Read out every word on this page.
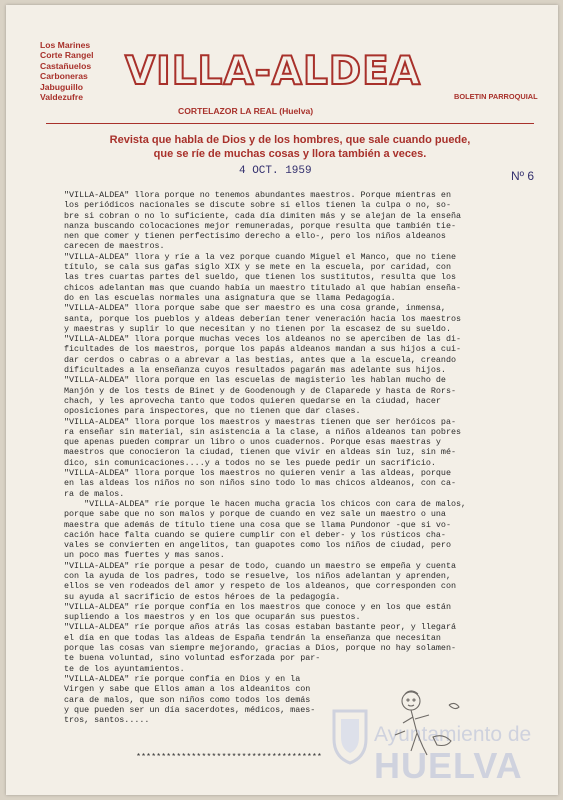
Los Marines
Corte Rangel
Castañuelos
Carboneras
Jabuguillo
Valdezufre
VILLA-ALDEA
BOLETIN PARROQUIAL
CORTELAZOR LA REAL (Huelva)
Revista que habla de Dios y de los hombres, que sale cuando puede,
que se ríe de muchas cosas y llora también a veces.
4 OCT. 1959	Nº 6
"VILLA-ALDEA" llora porque no tenemos abundantes maestros. Porque mientras en
los periódicos nacionales se discute sobre si ellos tienen la culpa o no, so-
bre si cobran o no lo suficiente, cada día dimiten más y se alejan de la enseña
nanza buscando colocaciones mejor remuneradas, porque resulta que también tie-
nen que comer y tienen perfectísimo derecho a ello-, pero los niños aldeanos
carecen de maestros.
"VILLA-ALDEA" llora y ríe a la vez porque cuando Miguel el Manco, que no tiene
título, se cala sus gafas siglo XIX y se mete en la escuela, por caridad, con
las tres cuartas partes del sueldo, que tienen los sustitutos, resulta que los
chicos adelantan mas que cuando había un maestro titulado al que habían enseña-
do en las escuelas normales una asignatura que se llama Pedagogía.
"VILLA-ALDEA" llora porque sabe que ser maestro es una cosa grande, inmensa,
santa, porque los pueblos y aldeas deberían tener veneración hacia los maestros
y maestras y suplir lo que necesitan y no tienen por la escasez de su sueldo.
"VILLA-ALDEA" llora porque muchas veces los aldeanos no se aperciben de las di-
ficultades de los maestros, porque los papás aldeanos mandan a sus hijos a cui-
dar cerdos o cabras o a abrevar a las bestias, antes que a la escuela, creando
dificultades a la enseñanza cuyos resultados pagarán mas adelante sus hijos.
"VILLA-ALDEA" llora porque en las escuelas de magisterio les hablan mucho de
Manjón y de los tests de Binet y de Goodenough y de Claparede y hasta de Rors-
chach, y les aprovecha tanto que todos quieren quedarse en la ciudad, hacer
oposiciones para inspectores, que no tienen que dar clases.
"VILLA-ALDEA" llora porque los maestros y maestras tienen que ser heróicos pa-
ra enseñar sin material, sin asistencia a la clase, a niños aldeanos tan pobres
que apenas pueden comprar un libro o unos cuadernos. Porque esas maestras y
maestros que conocieron la ciudad, tienen que vivir en aldeas sin luz, sin mé-
dico, sin comunicaciones....y a todos no se les puede pedir un sacrificio.
"VILLA-ALDEA" llora porque los maestros no quieren venir a las aldeas, porque
en las aldeas los niños no son niños sino todo lo mas chicos aldeanos, con ca-
ra de malos.
"VILLA-ALDEA" ríe porque le hacen mucha gracia los chicos con cara de malos,
porque sabe que no son malos y porque de cuando en vez sale un maestro o una
maestra que además de título tiene una cosa que se llama Pundonor -que si vo-
cación hace falta cuando se quiere cumplir con el deber- y los rústicos cha-
vales se convierten en angelitos, tan guapotes como los niños de ciudad, pero
un poco mas fuertes y mas sanos.
"VILLA-ALDEA" ríe porque a pesar de todo, cuando un maestro se empeña y cuenta
con la ayuda de los padres, todo se resuelve, los niños adelantan y aprenden,
ellos se ven rodeados del amor y respeto de los aldeanos, que corresponden con
su ayuda al sacrificio de estos héroes de la pedagogía.
"VILLA-ALDEA" ríe porque confía en los maestros que conoce y en los que están
supliendo a los maestros y en los que ocuparán sus puestos.
"VILLA-ALDEA" ríe porque años atrás las cosas estaban bastante peor, y llegará
el día en que todas las aldeas de España tendrán la enseñanza que necesitan
porque las cosas van siempre mejorando, gracias a Dios, porque no hay solamen-
te buena voluntad, sino voluntad esforzada por par-
te de los ayuntamientos.
"VILLA-ALDEA" ríe porque confía en Dios y en la
Virgen y sabe que Ellos aman a los aldeanitos con
cara de malos, que son niños como todos los demás
y que pueden ser un día sacerdotes, médicos, maes-
tros, santos.....
*************************************
Ayuntamiento de
HUELVA
